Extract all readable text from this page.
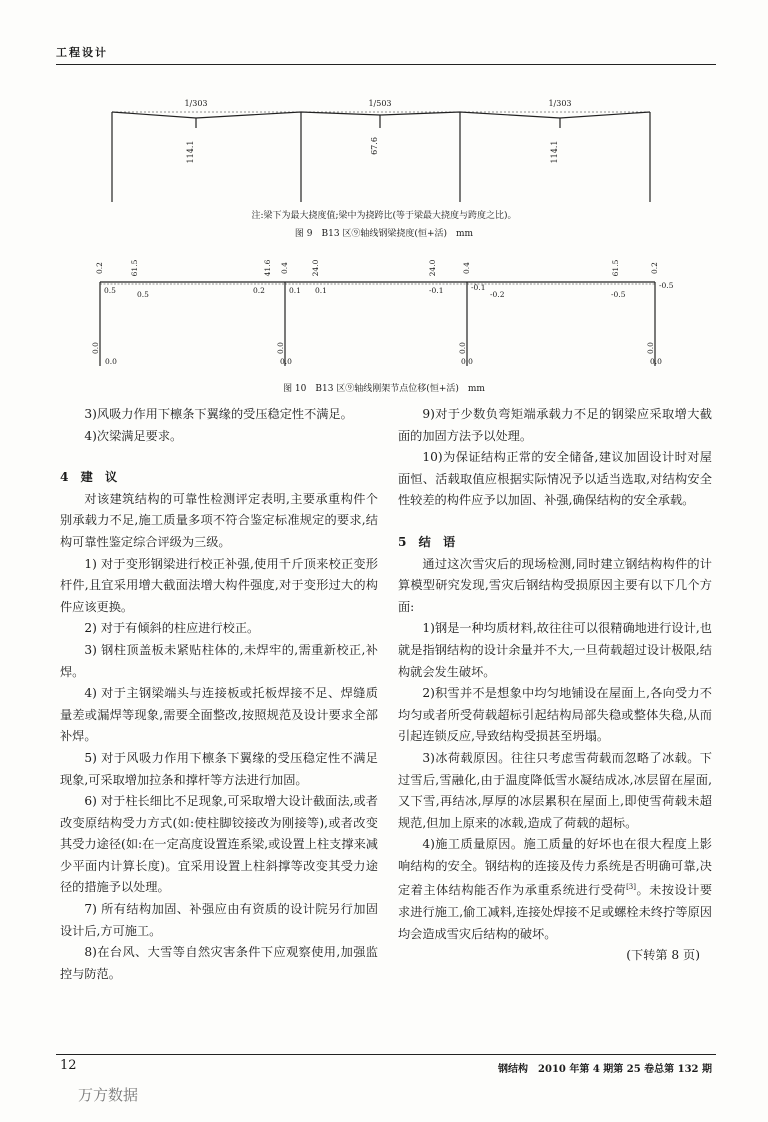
工程设计
1/303	1/503	1/303
114.1	67.6	114.1
注:梁下为最大挠度值;梁中为挠跨比(等于梁最大挠度与跨度之比)。
图 9　B13 区⑨轴线钢梁挠度(恒+活)　mm
0.2	61.5	41.6 0.4	24.0	24.0	0.4	61.5	0.2
0.5	0.5	0.2	0.1 0.1	-0.1	-0.1
-0.2	-0.5
-0.5
0.0
0.0
0.0
0.0
0.0
0.0
0.0
0.0
图 10　B13 区⑨轴线刚架节点位移(恒+活)　mm

3)风吸力作用下檩条下翼缘的受压稳定性不满足。

4)次梁满足要求。

4　建　议

对该建筑结构的可靠性检测评定表明,主要承重构件个别承载力不足,施工质量多项不符合鉴定标准规定的要求,结构可靠性鉴定综合评级为三级。

1) 对于变形钢梁进行校正补强,使用千斤顶来校正变形杆件,且宜采用增大截面法增大构件强度,对于变形过大的构件应该更换。

2) 对于有倾斜的柱应进行校正。

3) 钢柱顶盖板未紧贴柱体的,未焊牢的,需重新校正,补焊。

4) 对于主钢梁端头与连接板或托板焊接不足、焊缝质量差或漏焊等现象,需要全面整改,按照规范及设计要求全部补焊。

5) 对于风吸力作用下檩条下翼缘的受压稳定性不满足现象,可采取增加拉条和撑杆等方法进行加固。

6) 对于柱长细比不足现象,可采取增大设计截面法,或者改变原结构受力方式(如:使柱脚铰接改为刚接等),或者改变其受力途径(如:在一定高度设置连系梁,或设置上柱支撑来减少平面内计算长度)。宜采用设置上柱斜撑等改变其受力途径的措施予以处理。

7) 所有结构加固、补强应由有资质的设计院另行加固设计后,方可施工。

8)在台风、大雪等自然灾害条件下应观察使用,加强监控与防范。

9)对于少数负弯矩端承载力不足的钢梁应采取增大截面的加固方法予以处理。

10)为保证结构正常的安全储备,建议加固设计时对屋面恒、活载取值应根据实际情况予以适当选取,对结构安全性较差的构件应予以加固、补强,确保结构的安全承载。

5　结　语

通过这次雪灾后的现场检测,同时建立钢结构构件的计算模型研究发现,雪灾后钢结构受损原因主要有以下几个方面:

1)钢是一种均质材料,故往往可以很精确地进行设计,也就是指钢结构的设计余量并不大,一旦荷载超过设计极限,结构就会发生破坏。

2)积雪并不是想象中均匀地铺设在屋面上,各向受力不均匀或者所受荷载超标引起结构局部失稳或整体失稳,从而引起连锁反应,导致结构受损甚至坍塌。

3)冰荷载原因。往往只考虑雪荷载而忽略了冰载。下过雪后,雪融化,由于温度降低雪水凝结成冰,冰层留在屋面,又下雪,再结冰,厚厚的冰层累积在屋面上,即使雪荷载未超规范,但加上原来的冰载,造成了荷载的超标。

4)施工质量原因。施工质量的好坏也在很大程度上影响结构的安全。钢结构的连接及传力系统是否明确可靠,决定着主体结构能否作为承重系统进行受荷[3]。未按设计要求进行施工,偷工减料,连接处焊接不足或螺栓未终拧等原因均会造成雪灾后结构的破坏。

(下转第 8 页)

12	钢结构　2010 年第 4 期第 25 卷总第 132 期
万方数据
